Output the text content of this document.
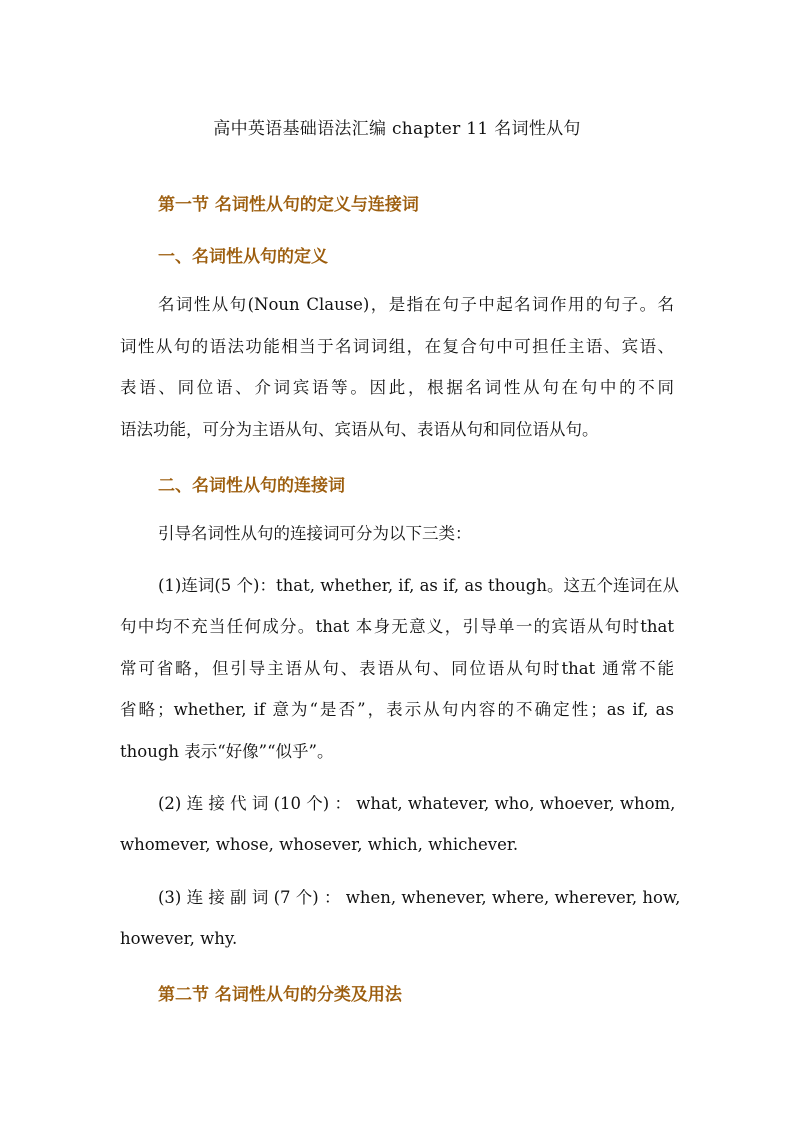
高中英语基础语法汇编 chapter 11 名词性从句
第一节 名词性从句的定义与连接词
一、名词性从句的定义
名词性从句(Noun Clause)，是指在句子中起名词作用的句子。名
词性从句的语法功能相当于名词词组，在复合句中可担任主语、宾语、
表语、同位语、介词宾语等。因此，根据名词性从句在句中的不同
语法功能，可分为主语从句、宾语从句、表语从句和同位语从句。
二、名词性从句的连接词
引导名词性从句的连接词可分为以下三类：
(1)连词(5 个)：that, whether, if, as if, as though。这五个连词在从
句中均不充当任何成分。that 本身无意义，引导单一的宾语从句时that
常可省略，但引导主语从句、表语从句、同位语从句时that 通常不能
省略；whether, if 意为“是否”，表示从句内容的不确定性；as if, as
though 表示“好像”“似乎”。
(2) 连 接 代 词 (10 个) ： what, whatever, who, whoever, whom,
whomever, whose, whosever, which, whichever.
(3) 连 接 副 词 (7 个) ： when, whenever, where, wherever, how,
however, why.
第二节 名词性从句的分类及用法
